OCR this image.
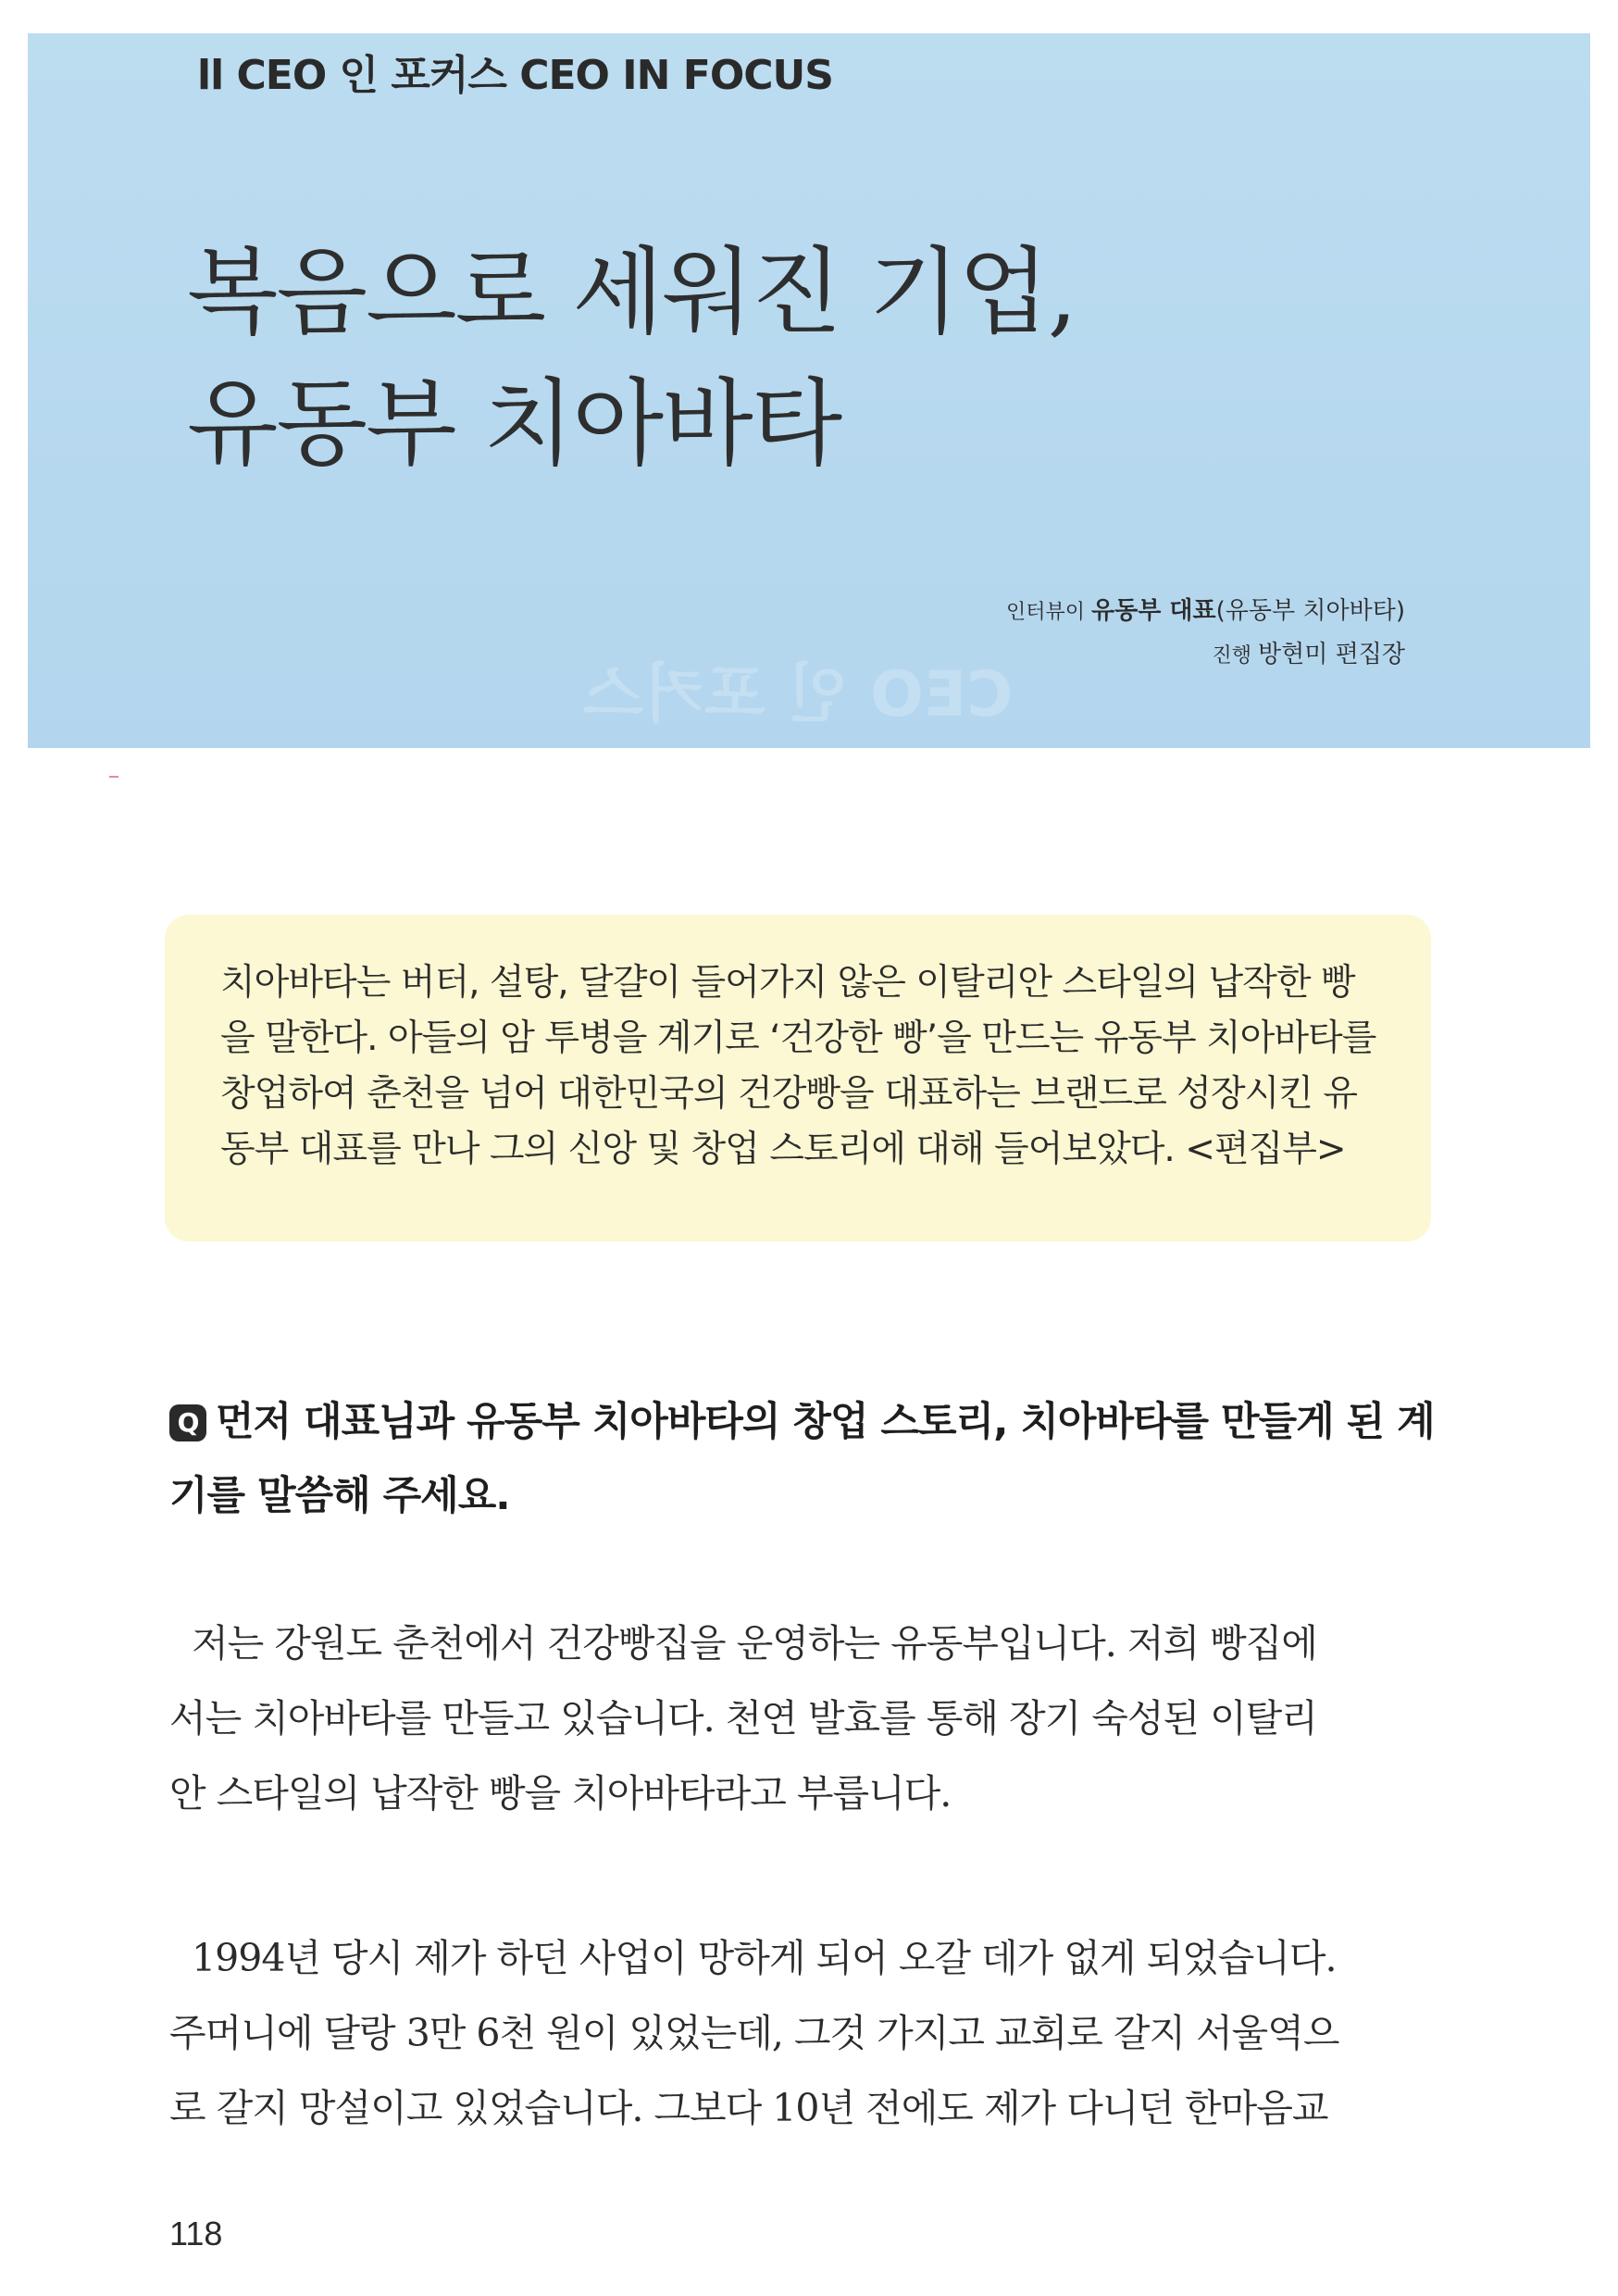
ll CEO 인 포커스 CEO IN FOCUS
복음으로 세워진 기업,
유동부 치아바타
CEO 인 포커스
인터뷰이 유동부 대표(유동부 치아바타)
진행 방현미 편집장
치아바타는 버터, 설탕, 달걀이 들어가지 않은 이탈리안 스타일의 납작한 빵
을 말한다. 아들의 암 투병을 계기로 ‘건강한 빵’을 만드는 유동부 치아바타를
창업하여 춘천을 넘어 대한민국의 건강빵을 대표하는 브랜드로 성장시킨 유
동부 대표를 만나 그의 신앙 및 창업 스토리에 대해 들어보았다. <편집부>
Q 먼저 대표님과 유동부 치아바타의 창업 스토리, 치아바타를 만들게 된 계
기를 말씀해 주세요.
저는 강원도 춘천에서 건강빵집을 운영하는 유동부입니다. 저희 빵집에
서는 치아바타를 만들고 있습니다. 천연 발효를 통해 장기 숙성된 이탈리
안 스타일의 납작한 빵을 치아바타라고 부릅니다.
1994년 당시 제가 하던 사업이 망하게 되어 오갈 데가 없게 되었습니다.
주머니에 달랑 3만 6천 원이 있었는데, 그것 가지고 교회로 갈지 서울역으
로 갈지 망설이고 있었습니다. 그보다 10년 전에도 제가 다니던 한마음교
118
